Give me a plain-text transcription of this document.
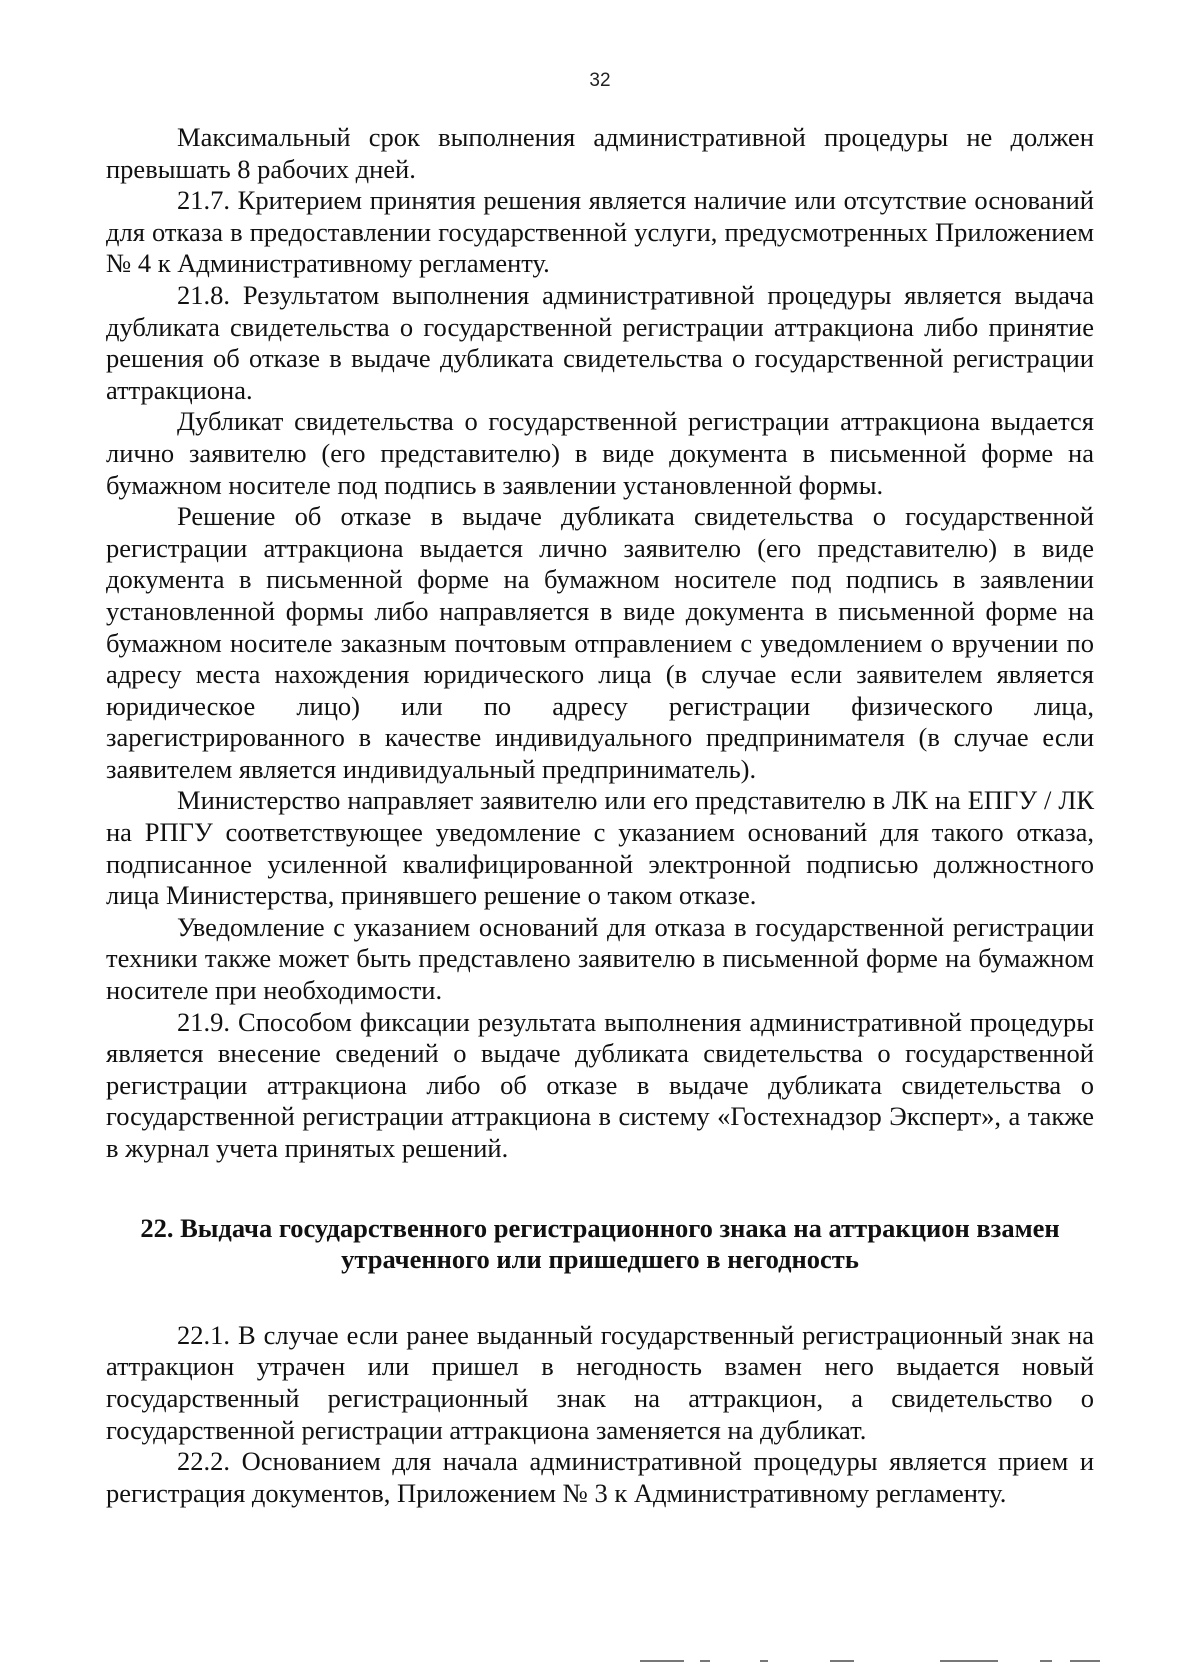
32

Максимальный срок выполнения административной процедуры не должен превышать 8 рабочих дней.

21.7. Критерием принятия решения является наличие или отсутствие оснований для отказа в предоставлении государственной услуги, предусмотренных Приложением № 4 к Административному регламенту.

21.8. Результатом выполнения административной процедуры является выдача дубликата свидетельства о государственной регистрации аттракциона либо принятие решения об отказе в выдаче дубликата свидетельства о государственной регистрации аттракциона.

Дубликат свидетельства о государственной регистрации аттракциона выдается лично заявителю (его представителю) в виде документа в письменной форме на бумажном носителе под подпись в заявлении установленной формы.

Решение об отказе в выдаче дубликата свидетельства о государственной регистрации аттракциона выдается лично заявителю (его представителю) в виде документа в письменной форме на бумажном носителе под подпись в заявлении установленной формы либо направляется в виде документа в письменной форме на бумажном носителе заказным почтовым отправлением с уведомлением о вручении по адресу места нахождения юридического лица (в случае если заявителем является юридическое лицо) или по адресу регистрации физического лица, зарегистрированного в качестве индивидуального предпринимателя (в случае если заявителем является индивидуальный предприниматель).

Министерство направляет заявителю или его представителю в ЛК на ЕПГУ / ЛК на РПГУ соответствующее уведомление с указанием оснований для такого отказа, подписанное усиленной квалифицированной электронной подписью должностного лица Министерства, принявшего решение о таком отказе.

Уведомление с указанием оснований для отказа в государственной регистрации техники также может быть представлено заявителю в письменной форме на бумажном носителе при необходимости.

21.9. Способом фиксации результата выполнения административной процедуры является внесение сведений о выдаче дубликата свидетельства о государственной регистрации аттракциона либо об отказе в выдаче дубликата свидетельства о государственной регистрации аттракциона в систему «Гостехнадзор Эксперт», а также в журнал учета принятых решений.

22. Выдача государственного регистрационного знака на аттракцион взамен
утраченного или пришедшего в негодность

22.1. В случае если ранее выданный государственный регистрационный знак на аттракцион утрачен или пришел в негодность взамен него выдается новый государственный регистрационный знак на аттракцион, а свидетельство о государственной регистрации аттракциона заменяется на дубликат.

22.2. Основанием для начала административной процедуры является прием и регистрация документов, Приложением № 3 к Административному регламенту.
